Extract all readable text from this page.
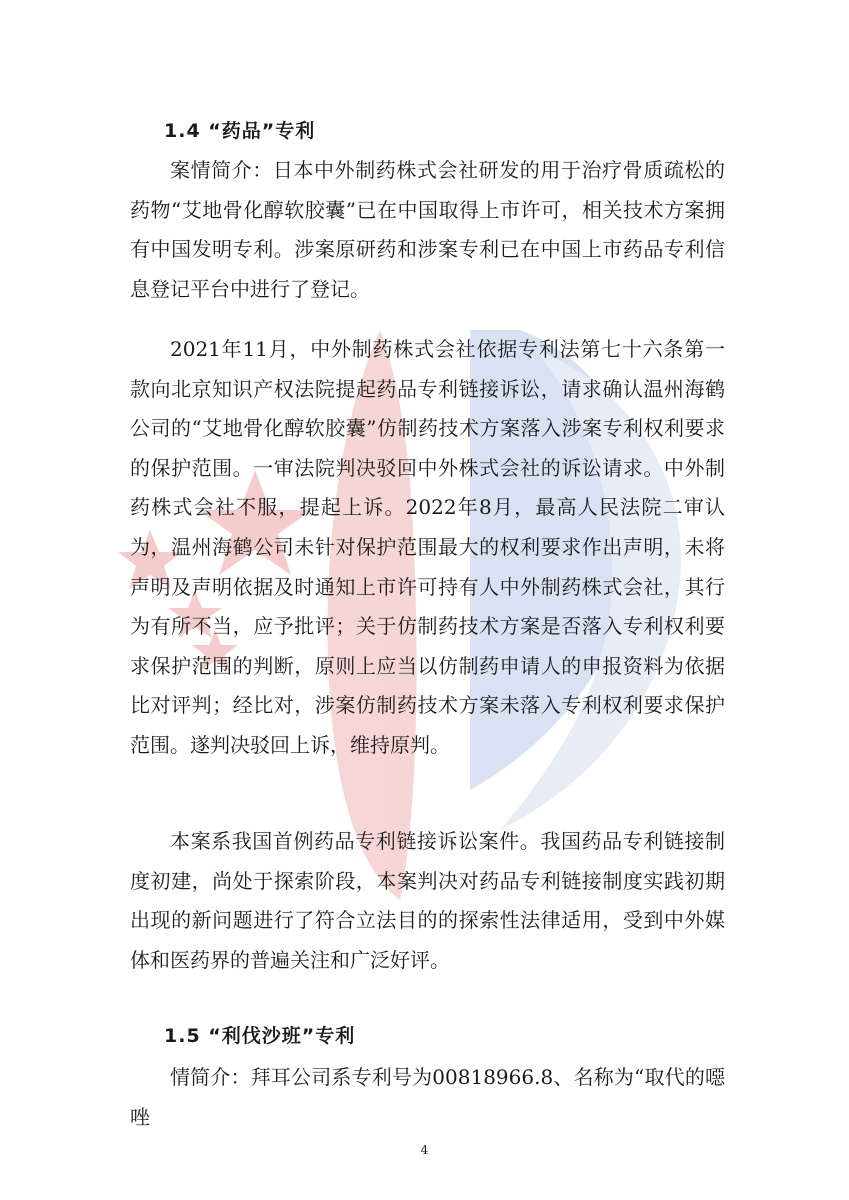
1.4 “药品”专利

案情简介：日本中外制药株式会社研发的用于治疗骨质疏松的药物“艾地骨化醇软胶囊”已在中国取得上市许可，相关技术方案拥有中国发明专利。涉案原研药和涉案专利已在中国上市药品专利信息登记平台中进行了登记。

2021年11月，中外制药株式会社依据专利法第七十六条第一款向北京知识产权法院提起药品专利链接诉讼，请求确认温州海鹤公司的“艾地骨化醇软胶囊”仿制药技术方案落入涉案专利权利要求的保护范围。一审法院判决驳回中外株式会社的诉讼请求。中外制药株式会社不服，提起上诉。2022年8月，最高人民法院二审认为，温州海鹤公司未针对保护范围最大的权利要求作出声明，未将声明及声明依据及时通知上市许可持有人中外制药株式会社，其行为有所不当，应予批评；关于仿制药技术方案是否落入专利权利要求保护范围的判断，原则上应当以仿制药申请人的申报资料为依据比对评判；经比对，涉案仿制药技术方案未落入专利权利要求保护范围。遂判决驳回上诉，维持原判。

本案系我国首例药品专利链接诉讼案件。我国药品专利链接制度初建，尚处于探索阶段，本案判决对药品专利链接制度实践初期出现的新问题进行了符合立法目的的探索性法律适用，受到中外媒体和医药界的普遍关注和广泛好评。

1.5 “利伐沙班”专利

情简介：拜耳公司系专利号为00818966.8、名称为“取代的噁唑

4
